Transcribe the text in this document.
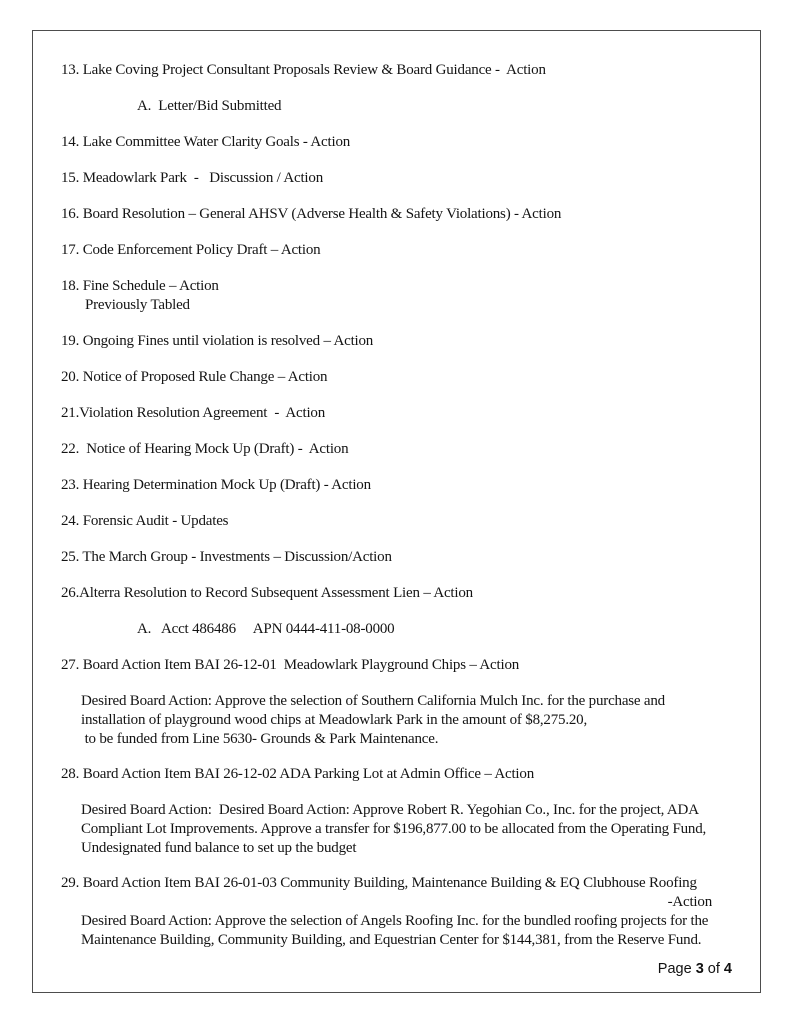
13. Lake Coving Project Consultant Proposals Review & Board Guidance -  Action
A.  Letter/Bid Submitted
14. Lake Committee Water Clarity Goals - Action
15. Meadowlark Park  -   Discussion / Action
16. Board Resolution – General AHSV (Adverse Health & Safety Violations) - Action
17. Code Enforcement Policy Draft – Action
18. Fine Schedule – Action
Previously Tabled
19. Ongoing Fines until violation is resolved – Action
20. Notice of Proposed Rule Change – Action
21.Violation Resolution Agreement  -  Action
22.  Notice of Hearing Mock Up (Draft) -  Action
23. Hearing Determination Mock Up (Draft) - Action
24. Forensic Audit - Updates
25. The March Group - Investments – Discussion/Action
26.Alterra Resolution to Record Subsequent Assessment Lien – Action
A.   Acct 486486     APN 0444-411-08-0000
27. Board Action Item BAI 26-12-01  Meadowlark Playground Chips – Action
Desired Board Action: Approve the selection of Southern California Mulch Inc. for the purchase and
installation of playground wood chips at Meadowlark Park in the amount of $8,275.20,
to be funded from Line 5630- Grounds & Park Maintenance.
28. Board Action Item BAI 26-12-02 ADA Parking Lot at Admin Office – Action
Desired Board Action:  Desired Board Action: Approve Robert R. Yegohian Co., Inc. for the project, ADA
Compliant Lot Improvements. Approve a transfer for $196,877.00 to be allocated from the Operating Fund,
Undesignated fund balance to set up the budget
29. Board Action Item BAI 26-01-03 Community Building, Maintenance Building & EQ Clubhouse Roofing
-Action
Desired Board Action: Approve the selection of Angels Roofing Inc. for the bundled roofing projects for the
Maintenance Building, Community Building, and Equestrian Center for $144,381, from the Reserve Fund.
Page 3 of 4
